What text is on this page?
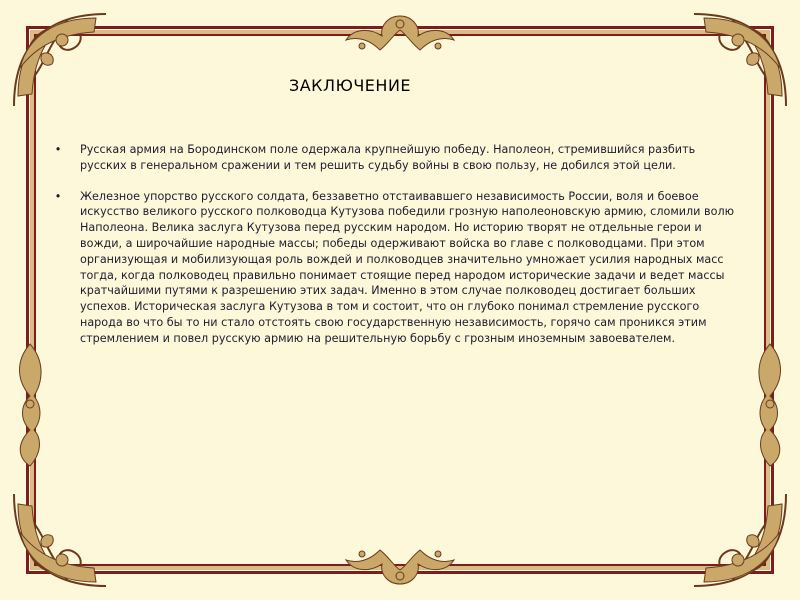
ЗАКЛЮЧЕНИЕ
• Русская армия на Бородинском поле одержала крупнейшую победу. Наполеон, стремившийся разбить русских в генеральном сражении и тем решить судьбу войны в свою пользу, не добился этой цели.
• Железное упорство русского солдата, беззаветно отстаивавшего независимость России, воля и боевое искусство великого русского полководца Кутузова победили грозную наполеоновскую армию, сломили волю Наполеона. Велика заслуга Кутузова перед русским народом. Но историю творят не отдельные герои и вожди, а широчайшие народные массы; победы одерживают войска во главе с полководцами. При этом организующая и мобилизующая роль вождей и полководцев значительно умножает усилия народных масс тогда, когда полководец правильно понимает стоящие перед народом исторические задачи и ведет массы кратчайшими путями к разрешению этих задач. Именно в этом случае полководец достигает больших успехов. Историческая заслуга Кутузова в том и состоит, что он глубоко понимал стремление русского народа во что бы то ни стало отстоять свою государственную независимость, горячо сам проникся этим стремлением и повел русскую армию на решительную борьбу с грозным иноземным завоевателем.
